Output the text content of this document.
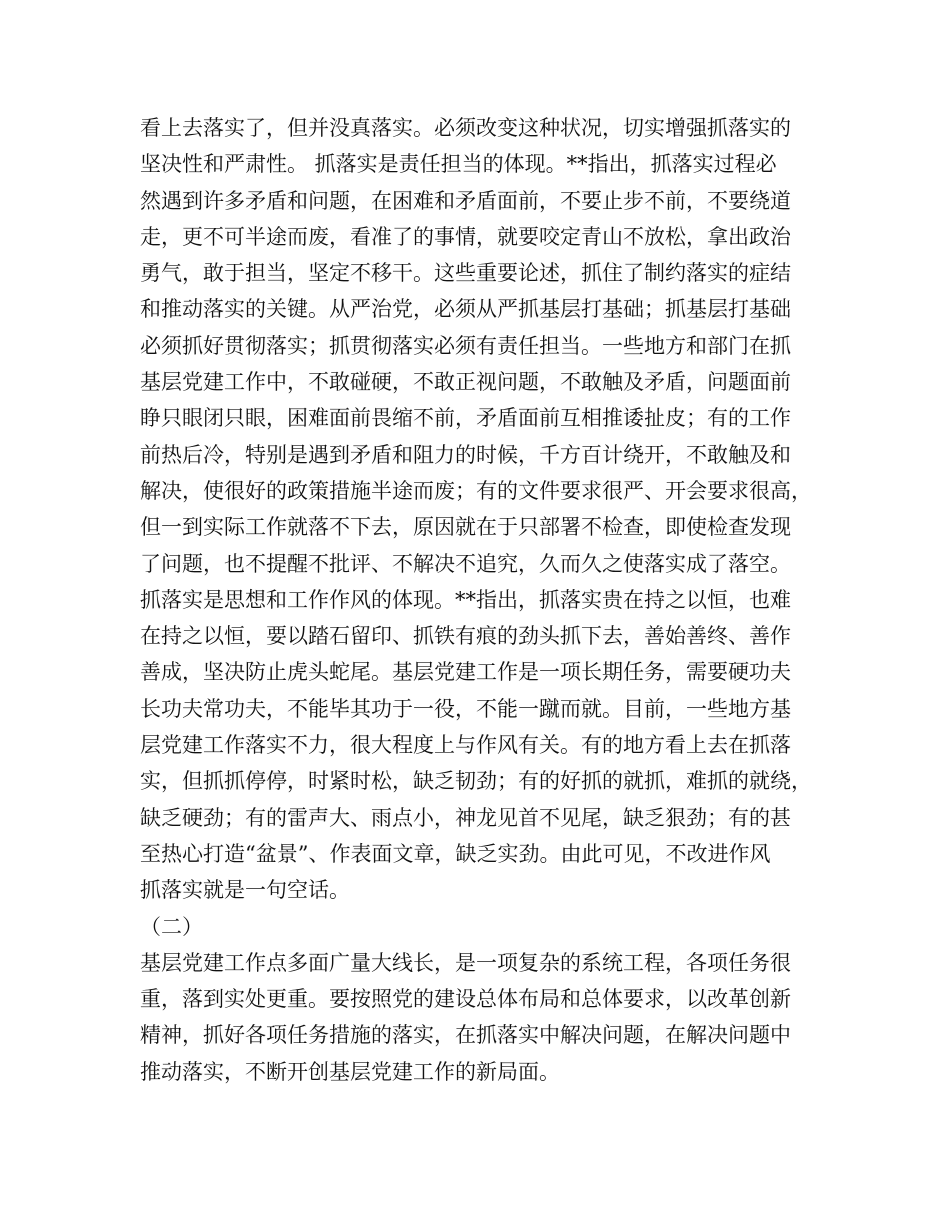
看上去落实了，但并没真落实。必须改变这种状况，切实增强抓落实的
坚决性和严肃性。 抓落实是责任担当的体现。**指出，抓落实过程必
然遇到许多矛盾和问题，在困难和矛盾面前，不要止步不前，不要绕道
走，更不可半途而废，看准了的事情，就要咬定青山不放松，拿出政治
勇气，敢于担当，坚定不移干。这些重要论述，抓住了制约落实的症结
和推动落实的关键。从严治党，必须从严抓基层打基础；抓基层打基础
必须抓好贯彻落实；抓贯彻落实必须有责任担当。一些地方和部门在抓
基层党建工作中，不敢碰硬，不敢正视问题，不敢触及矛盾，问题面前
睁只眼闭只眼，困难面前畏缩不前，矛盾面前互相推诿扯皮；有的工作
前热后冷，特别是遇到矛盾和阻力的时候，千方百计绕开，不敢触及和
解决，使很好的政策措施半途而废；有的文件要求很严、开会要求很高，
但一到实际工作就落不下去，原因就在于只部署不检查，即使检查发现
了问题，也不提醒不批评、不解决不追究，久而久之使落实成了落空。
抓落实是思想和工作作风的体现。**指出，抓落实贵在持之以恒，也难
在持之以恒，要以踏石留印、抓铁有痕的劲头抓下去，善始善终、善作
善成，坚决防止虎头蛇尾。基层党建工作是一项长期任务，需要硬功夫
长功夫常功夫，不能毕其功于一役，不能一蹴而就。目前，一些地方基
层党建工作落实不力，很大程度上与作风有关。有的地方看上去在抓落
实，但抓抓停停，时紧时松，缺乏韧劲；有的好抓的就抓，难抓的就绕，
缺乏硬劲；有的雷声大、雨点小，神龙见首不见尾，缺乏狠劲；有的甚
至热心打造“盆景”、作表面文章，缺乏实劲。由此可见，不改进作风
抓落实就是一句空话。
（二）
基层党建工作点多面广量大线长，是一项复杂的系统工程，各项任务很
重，落到实处更重。要按照党的建设总体布局和总体要求，以改革创新
精神，抓好各项任务措施的落实，在抓落实中解决问题，在解决问题中
推动落实，不断开创基层党建工作的新局面。
